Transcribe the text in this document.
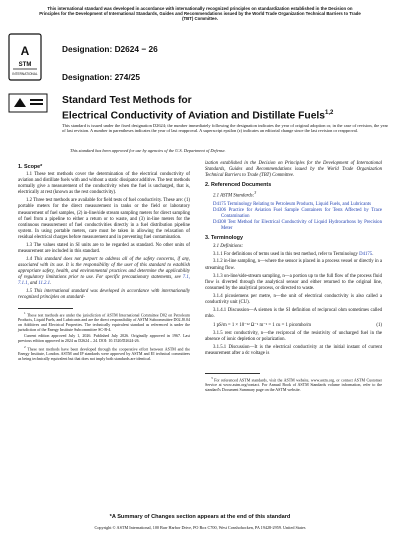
This international standard was developed in accordance with internationally recognized principles on standardization established in the Decision on Principles for the Development of International Standards, Guides and Recommendations issued by the World Trade Organization Technical Barriers to Trade (TBT) Committee.
A
STM
INTERNATIONAL
Designation: D2624 − 26
Designation: 274/25
Standard Test Methods for
Electrical Conductivity of Aviation and Distillate Fuels$^{1,2}$
This standard is issued under the fixed designation D2624; the number immediately following the designation indicates the year of original adoption or, in the case of revision, the year of last revision. A number in parentheses indicates the year of last reapproval. A superscript epsilon (ε) indicates an editorial change since the last revision or reapproval.
This standard has been approved for use by agencies of the U.S. Department of Defense.

1. Scope*

1.1 These test methods cover the determination of the electrical conductivity of aviation and distillate fuels with and without a static dissipator additive. The test methods normally give a measurement of the conductivity when the fuel is uncharged, that is, electrically at rest (known as the rest conductivity).

1.2 Three test methods are available for field tests of fuel conductivity. These are: (1) portable meters for the direct measurement in tanks or the field or laboratory measurement of fuel samples, (2) in-line/side stream sampling meters for direct sampling of fuel from a pipeline to either a return or to waste, and (3) in-line meters for the continuous measurement of fuel conductivities directly in a fuel distribution pipeline system. In using portable meters, care must be taken in allowing the relaxation of residual electrical charges before measurement and in preventing fuel contamination.

1.3 The values stated in SI units are to be regarded as standard. No other units of measurement are included in this standard.

1.4 This standard does not purport to address all of the safety concerns, if any, associated with its use. It is the responsibility of the user of this standard to establish appropriate safety, health, and environmental practices and determine the applicability of regulatory limitations prior to use. For specific precautionary statements, see 7.1, 7.1.1, and 11.2.1.

1.5 This international standard was developed in accordance with internationally recognized principles on standard-

$^1$ These test methods are under the jurisdiction of ASTM International Committee D02 on Petroleum Products, Liquid Fuels, and Lubricants and are the direct responsibility of ASTM Subcommittee D02.J0.04 on Additives and Electrical Properties. The technically equivalent standard as referenced is under the jurisdiction of the Energy Institute Subcommittee SC-B-4.

Current edition approved July 1, 2026. Published July 2026. Originally approved in 1967. Last previous edition approved in 2024 as D2624 – 24. DOI: 10.1520/D2624-26.

$^2$ These test methods have been developed through the cooperative effort between ASTM and the Energy Institute, London. ASTM and IP standards were approved by ASTM and EI technical committees as being technically equivalent but that does not imply both standards are identical.

ization established in the Decision on Principles for the Development of International Standards, Guides and Recommendations issued by the World Trade Organization Technical Barriers to Trade (TBT) Committee.

2. Referenced Documents

2.1 ASTM Standards:$^3$

D4175 Terminology Relating to Petroleum Products, Liquid Fuels, and Lubricants
D4306 Practice for Aviation Fuel Sample Containers for Tests Affected by Trace Contamination
D4308 Test Method for Electrical Conductivity of Liquid Hydrocarbons by Precision Meter

3. Terminology

3.1 Definitions:

3.1.1 For definitions of terms used in this test method, refer to Terminology D4175.

3.1.2 in-line sampling, n—where the sensor is placed in a process vessel or directly in a streaming flow.

3.1.3 on-line/side-stream sampling, n—a portion up to the full flow of the process fluid flow is diverted through the analytical sensor and either returned to the original line, consumed by the analytical process, or directed to waste.

3.1.4 picosiemens per metre, n—the unit of electrical conductivity is also called a conductivity unit (CU).

3.1.4.1 Discussion—A siemen is the SI definition of reciprocal ohm sometimes called mho.

1 pS/m = 1 × 10⁻¹² Ω⁻¹ m⁻¹ = 1 cu = 1 picomho/m	(1)

3.1.5 rest conductivity, n—the reciprocal of the resistivity of uncharged fuel in the absence of ionic depletion or polarization.

3.1.5.1 Discussion—It is the electrical conductivity at the initial instant of current measurement after a dc voltage is

$^3$ For referenced ASTM standards, visit the ASTM website, www.astm.org, or contact ASTM Customer Service at www.astm.org/contact. For Annual Book of ASTM Standards volume information, refer to the standard's Document Summary page on the ASTM website.

*A Summary of Changes section appears at the end of this standard
Copyright © ASTM International, 100 Barr Harbor Drive, PO Box C700, West Conshohocken, PA 19428-2959. United States
